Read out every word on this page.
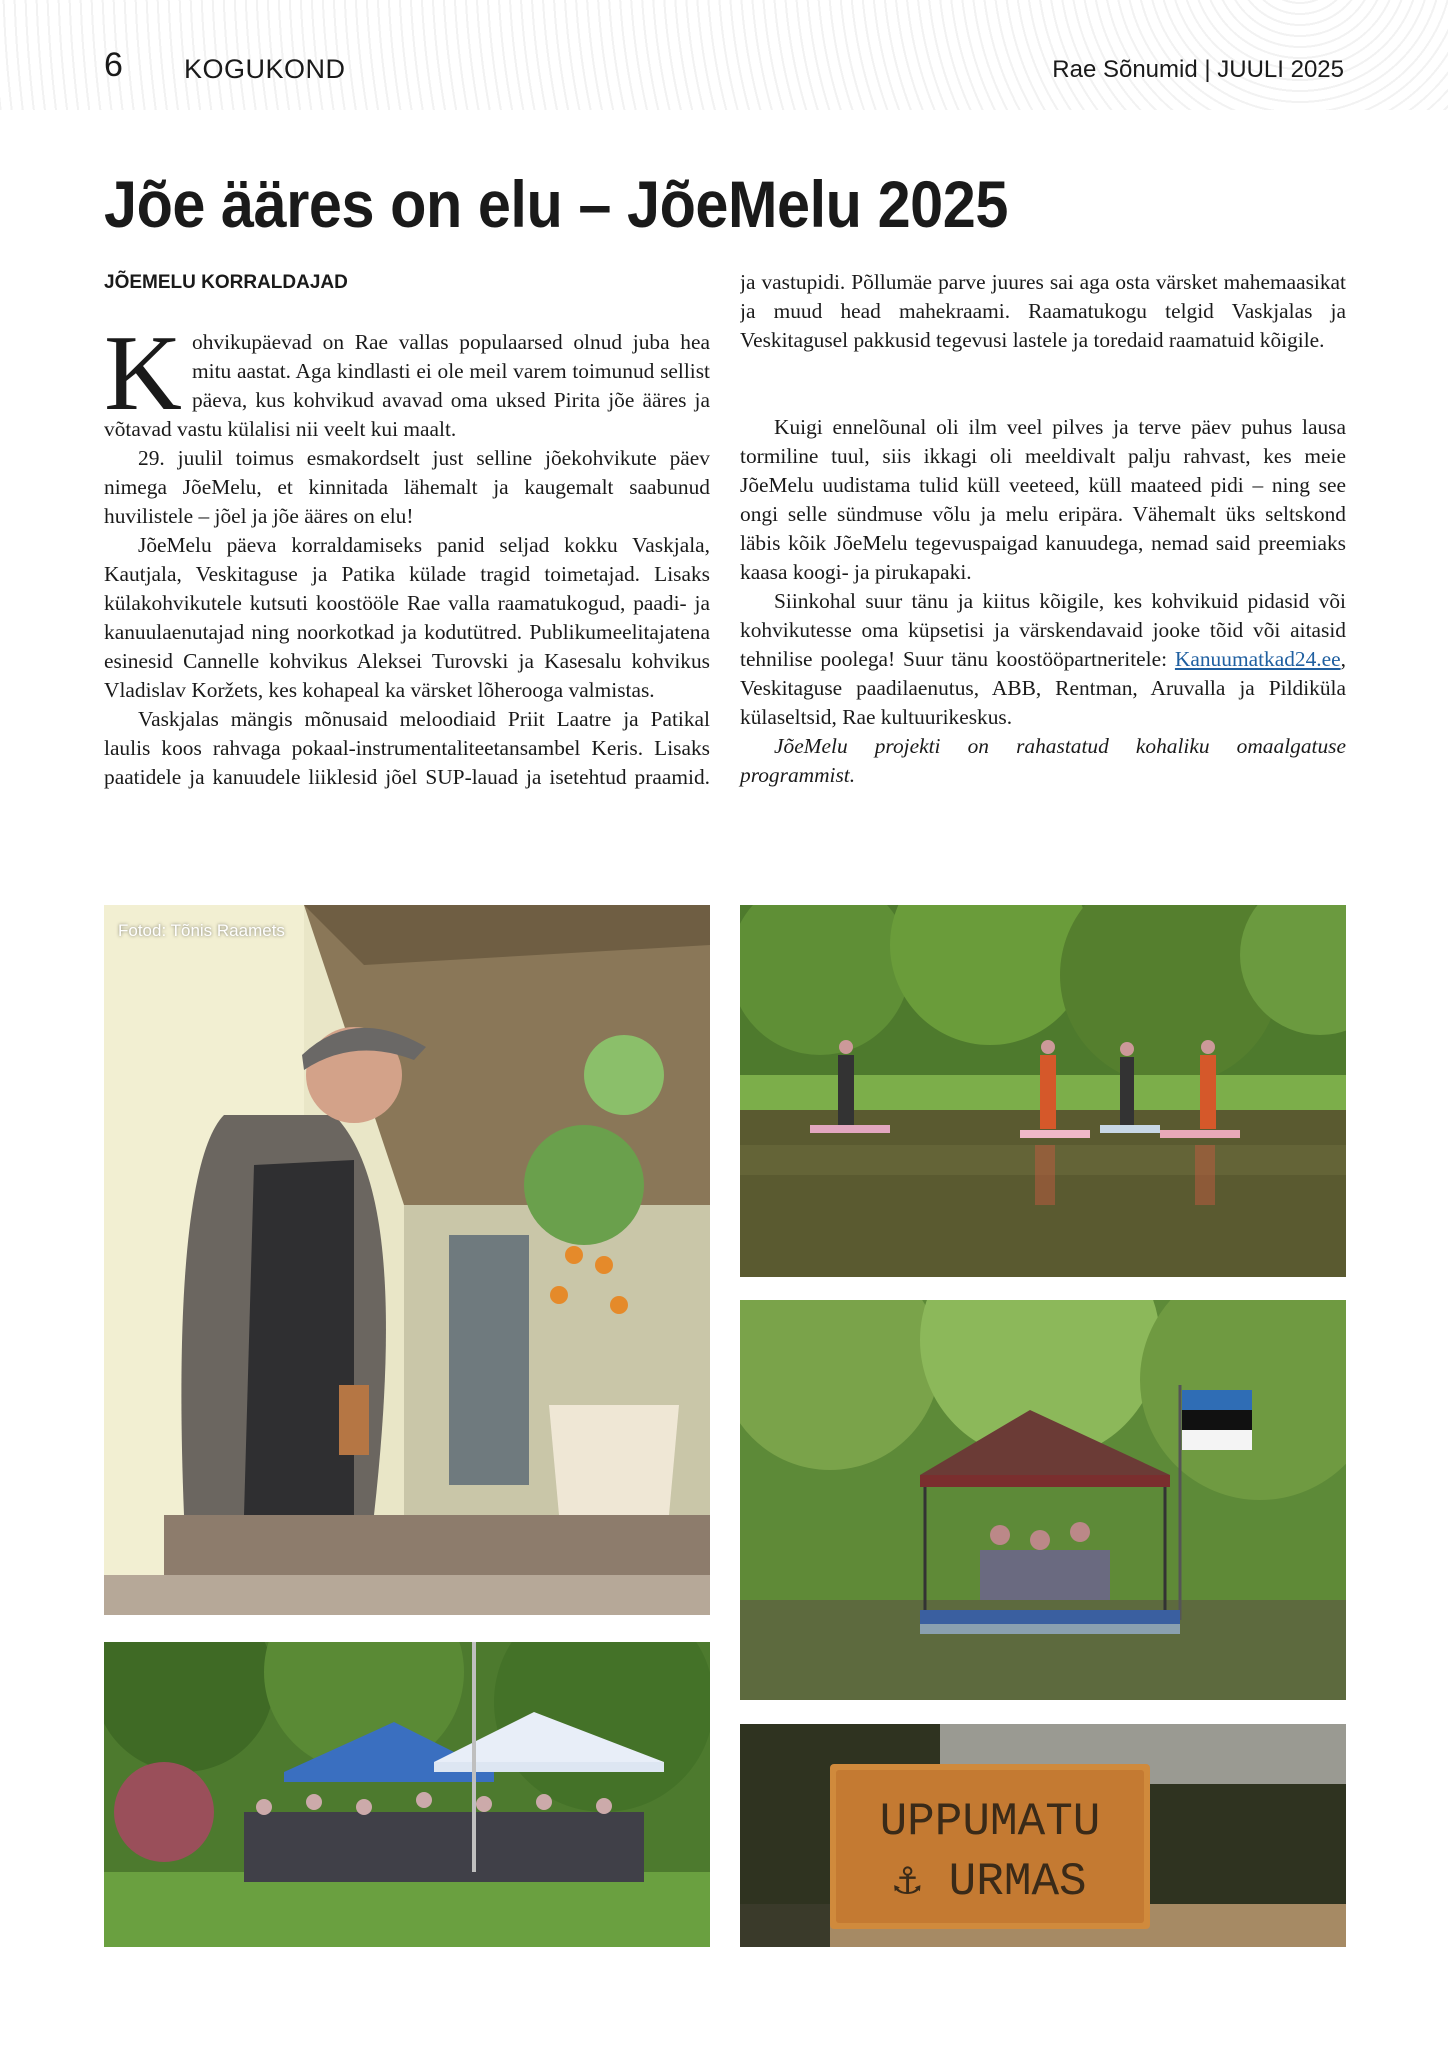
6 KOGUKOND	Rae Sõnumid | JUULI 2025
Jõe ääres on elu – JõeMelu 2025
JÕEMELU KORRALDAJAD

Kohvikupäevad on Rae vallas populaarsed olnud juba hea mitu aastat. Aga kindlasti ei ole meil varem toimunud sellist päeva, kus kohvikud avavad oma uksed Pirita jõe ääres ja võtavad vastu külalisi nii veelt kui maalt.

29. juulil toimus esmakordselt just selline jõekohvikute päev nimega JõeMelu, et kinnitada lähemalt ja kaugemalt saabunud huvilistele – jõel ja jõe ääres on elu!

JõeMelu päeva korraldamiseks panid seljad kokku Vaskjala, Kautjala, Veskitaguse ja Patika külade tragid toimetajad. Lisaks külakohvikutele kutsuti koostööle Rae valla raamatukogud, paadi- ja kanuulaenutajad ning noorkotkad ja kodutütred. Publikumeelitajatena esinesid Cannelle kohvikus Aleksei Turovski ja Kasesalu kohvikus Vladislav Koržets, kes kohapeal ka värsket lõherooga valmistas.

Vaskjalas mängis mõnusaid meloodiaid Priit Laatre ja Patikal laulis koos rahvaga pokaal-instrumentaliteetansambel Keris. Lisaks paatidele ja kanuudele liiklesid jõel SUP-lauad ja isetehtud praamid.

ja vastupidi. Põllumäe parve juures sai aga osta värsket mahemaasikat ja muud head mahekraami. Raamatukogu telgid Vaskjalas ja Veskitagusel pakkusid tegevusi lastele ja toredaid raamatuid kõigile.

Kuigi ennelõunal oli ilm veel pilves ja terve päev puhus lausa tormiline tuul, siis ikkagi oli meeldivalt palju rahvast, kes meie JõeMelu uudistama tulid küll veeteed, küll maateed pidi – ning see ongi selle sündmuse võlu ja melu eripära. Vähemalt üks seltskond läbis kõik JõeMelu tegevuspaigad kanuudega, nemad said preemiaks kaasa koogi- ja pirukapaki.

Siinkohal suur tänu ja kiitus kõigile, kes kohvikuid pidasid või kohvikutesse oma küpsetisi ja värskendavaid jooke tõid või aitasid tehnilise poolega! Suur tänu koostööpartneritele: Kanuumatkad24.ee, Veskitaguse paadilaenutus, ABB, Rentman, Aruvalla ja Pildiküla külaseltsid, Rae kultuurikeskus.

JõeMelu projekti on rahastatud kohaliku omaalgatuse programmist.

Fotod: Tõnis Raamets
UPPUMATU
⚓ URMAS
